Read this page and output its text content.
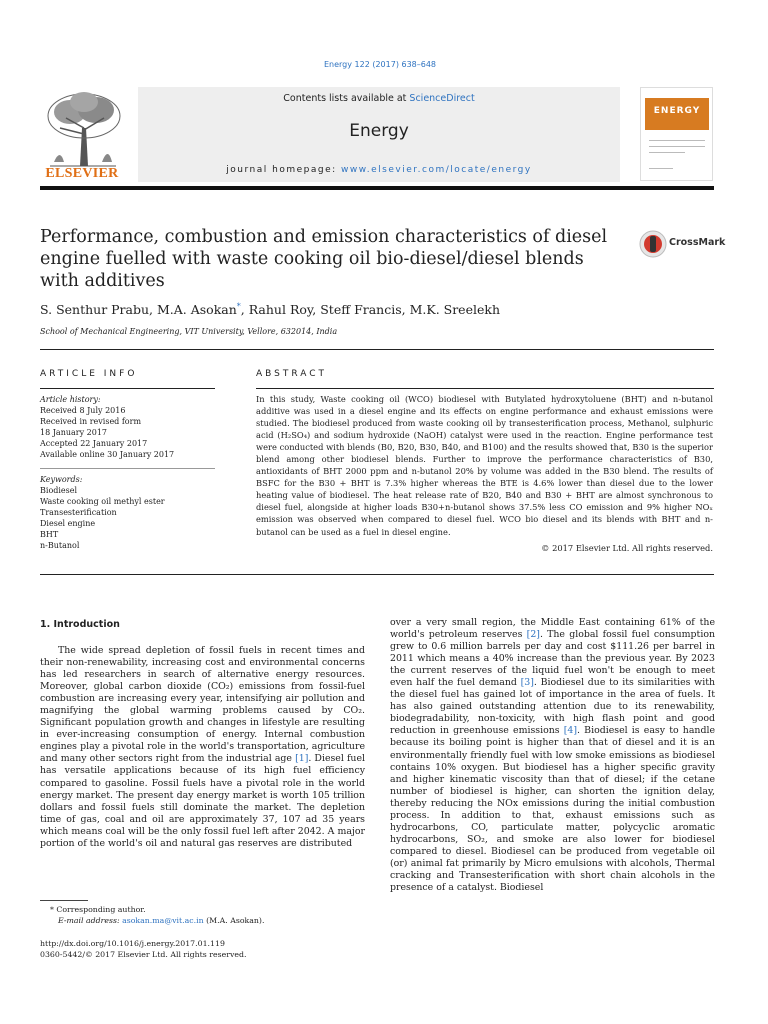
Energy 122 (2017) 638–648
ELSEVIER
Contents lists available at ScienceDirect
Energy
journal homepage: www.elsevier.com/locate/energy
ENERGY
Performance, combustion and emission characteristics of diesel engine fuelled with waste cooking oil bio-diesel/diesel blends with additives
CrossMark
S. Senthur Prabu, M.A. Asokan*, Rahul Roy, Steff Francis, M.K. Sreelekh
School of Mechanical Engineering, VIT University, Vellore, 632014, India
ARTICLE INFO
Article history:
Received 8 July 2016
Received in revised form
18 January 2017
Accepted 22 January 2017
Available online 30 January 2017
Keywords:
Biodiesel
Waste cooking oil methyl ester
Transesterification
Diesel engine
BHT
n-Butanol
ABSTRACT
In this study, Waste cooking oil (WCO) biodiesel with Butylated hydroxytoluene (BHT) and n-butanol additive was used in a diesel engine and its effects on engine performance and exhaust emissions were studied. The biodiesel produced from waste cooking oil by transesterification process, Methanol, sulphuric acid (H₂SO₄) and sodium hydroxide (NaOH) catalyst were used in the reaction. Engine performance test were conducted with blends (B0, B20, B30, B40, and B100) and the results showed that, B30 is the superior blend among other biodiesel blends. Further to improve the performance characteristics of B30, antioxidants of BHT 2000 ppm and n-butanol 20% by volume was added in the B30 blend. The results of BSFC for the B30 + BHT is 7.3% higher whereas the BTE is 4.6% lower than diesel due to the lower heating value of biodiesel. The heat release rate of B20, B40 and B30 + BHT are almost synchronous to diesel fuel, alongside at higher loads B30+n-butanol shows 37.5% less CO emission and 9% higher NOₓ emission was observed when compared to diesel fuel. WCO bio diesel and its blends with BHT and n-butanol can be used as a fuel in diesel engine.
© 2017 Elsevier Ltd. All rights reserved.
1. Introduction

The wide spread depletion of fossil fuels in recent times and their non-renewability, increasing cost and environmental concerns has led researchers in search of alternative energy resources. Moreover, global carbon dioxide (CO₂) emissions from fossil-fuel combustion are increasing every year, intensifying air pollution and magnifying the global warming problems caused by CO₂. Significant population growth and changes in lifestyle are resulting in ever-increasing consumption of energy. Internal combustion engines play a pivotal role in the world's transportation, agriculture and many other sectors right from the industrial age [1]. Diesel fuel has versatile applications because of its high fuel efficiency compared to gasoline. Fossil fuels have a pivotal role in the world energy market. The present day energy market is worth 105 trillion dollars and fossil fuels still dominate the market. The depletion time of gas, coal and oil are approximately 37, 107 ad 35 years which means coal will be the only fossil fuel left after 2042. A major portion of the world's oil and natural gas reserves are distributed

over a very small region, the Middle East containing 61% of the world's petroleum reserves [2]. The global fossil fuel consumption grew to 0.6 million barrels per day and cost $111.26 per barrel in 2011 which means a 40% increase than the previous year. By 2023 the current reserves of the liquid fuel won't be enough to meet even half the fuel demand [3]. Biodiesel due to its similarities with the diesel fuel has gained lot of importance in the area of fuels. It has also gained outstanding attention due to its renewability, biodegradability, non-toxicity, with high flash point and good reduction in greenhouse emissions [4]. Biodiesel is easy to handle because its boiling point is higher than that of diesel and it is an environmentally friendly fuel with low smoke emissions as biodiesel contains 10% oxygen. But biodiesel has a higher specific gravity and higher kinematic viscosity than that of diesel; if the cetane number of biodiesel is higher, can shorten the ignition delay, thereby reducing the NOx emissions during the initial combustion process. In addition to that, exhaust emissions such as hydrocarbons, CO, particulate matter, polycyclic aromatic hydrocarbons, SO₂, and smoke are also lower for biodiesel compared to diesel. Biodiesel can be produced from vegetable oil (or) animal fat primarily by Micro emulsions with alcohols, Thermal cracking and Transesterification with short chain alcohols in the presence of a catalyst. Biodiesel

* Corresponding author.
E-mail address: asokan.ma@vit.ac.in (M.A. Asokan).
http://dx.doi.org/10.1016/j.energy.2017.01.119
0360-5442/© 2017 Elsevier Ltd. All rights reserved.
